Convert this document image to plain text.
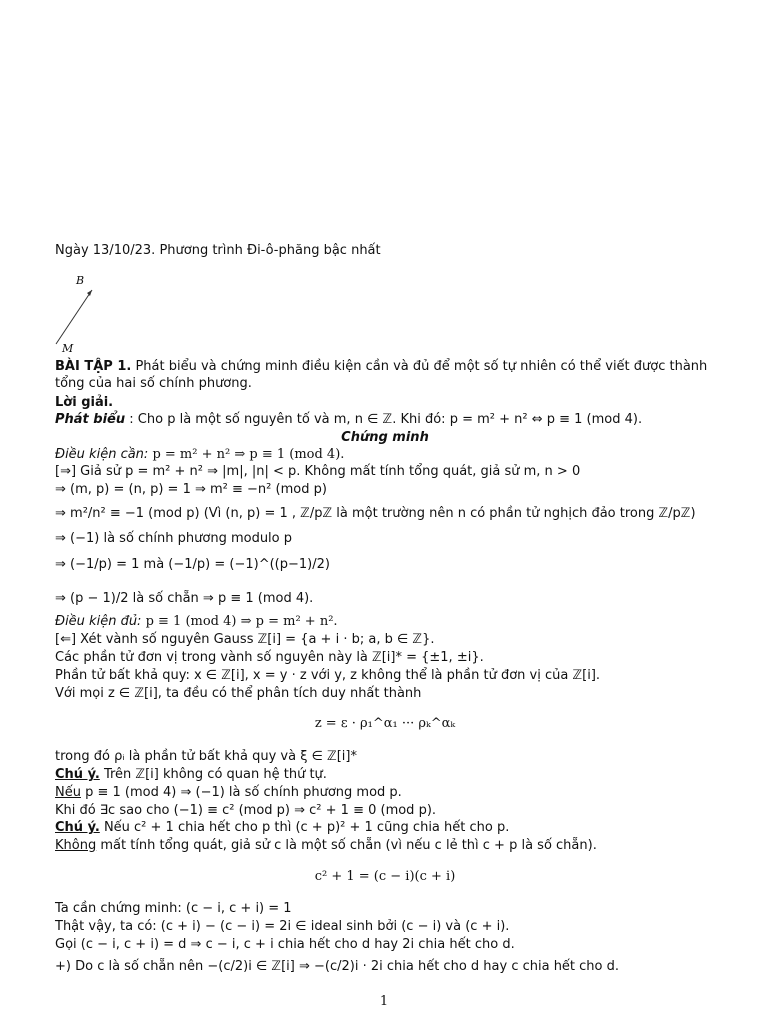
Ngày 13/10/23. Phương trình Đi-ô-phăng bậc nhất
B
M
BÀI TẬP 1. Phát biểu và chứng minh điều kiện cần và đủ để một số tự nhiên có thể viết được thành tổng của hai số chính phương.
Lời giải.
Phát biểu : Cho p là một số nguyên tố và m, n ∈ ℤ. Khi đó: p = m² + n² ⇔ p ≡ 1 (mod 4).
Chứng minh
Điều kiện cần: p = m² + n² ⇒ p ≡ 1 (mod 4).
[⇒] Giả sử p = m² + n² ⇒ |m|, |n| < p. Không mất tính tổng quát, giả sử m, n > 0
⇒ (m, p) = (n, p) = 1 ⇒ m² ≡ −n² (mod p)
⇒ m²/n² ≡ −1 (mod p) (Vì (n, p) = 1 , ℤ/pℤ là một trường nên n có phần tử nghịch đảo trong ℤ/pℤ)
⇒ (−1) là số chính phương modulo p
⇒ (−1/p) = 1 mà (−1/p) = (−1)^((p−1)/2)
⇒ (p − 1)/2 là số chẵn ⇒ p ≡ 1 (mod 4).
Điều kiện đủ: p ≡ 1 (mod 4) ⇒ p = m² + n².
[⇐] Xét vành số nguyên Gauss ℤ[i] = {a + i · b; a, b ∈ ℤ}.
Các phần tử đơn vị trong vành số nguyên này là ℤ[i]* = {±1, ±i}.
Phần tử bất khả quy: x ∈ ℤ[i], x = y · z với y, z không thể là phần tử đơn vị của ℤ[i].
Với mọi z ∈ ℤ[i], ta đều có thể phân tích duy nhất thành
z = ε · ρ₁^α₁ ··· ρₖ^αₖ
trong đó ρᵢ là phần tử bất khả quy và ξ ∈ ℤ[i]*
Chú ý. Trên ℤ[i] không có quan hệ thứ tự.
Nếu p ≡ 1 (mod 4) ⇒ (−1) là số chính phương mod p.
Khi đó ∃c sao cho (−1) ≡ c² (mod p) ⇒ c² + 1 ≡ 0 (mod p).
Chú ý. Nếu c² + 1 chia hết cho p thì (c + p)² + 1 cũng chia hết cho p.
Không mất tính tổng quát, giả sử c là một số chẵn (vì nếu c lẻ thì c + p là số chẵn).
c² + 1 = (c − i)(c + i)
Ta cần chứng minh: (c − i, c + i) = 1
Thật vậy, ta có: (c + i) − (c − i) = 2i ∈ ideal sinh bởi (c − i) và (c + i).
Gọi (c − i, c + i) = d ⇒ c − i, c + i chia hết cho d hay 2i chia hết cho d.
+) Do c là số chẵn nên −(c/2)i ∈ ℤ[i] ⇒ −(c/2)i · 2i chia hết cho d hay c chia hết cho d.
1
